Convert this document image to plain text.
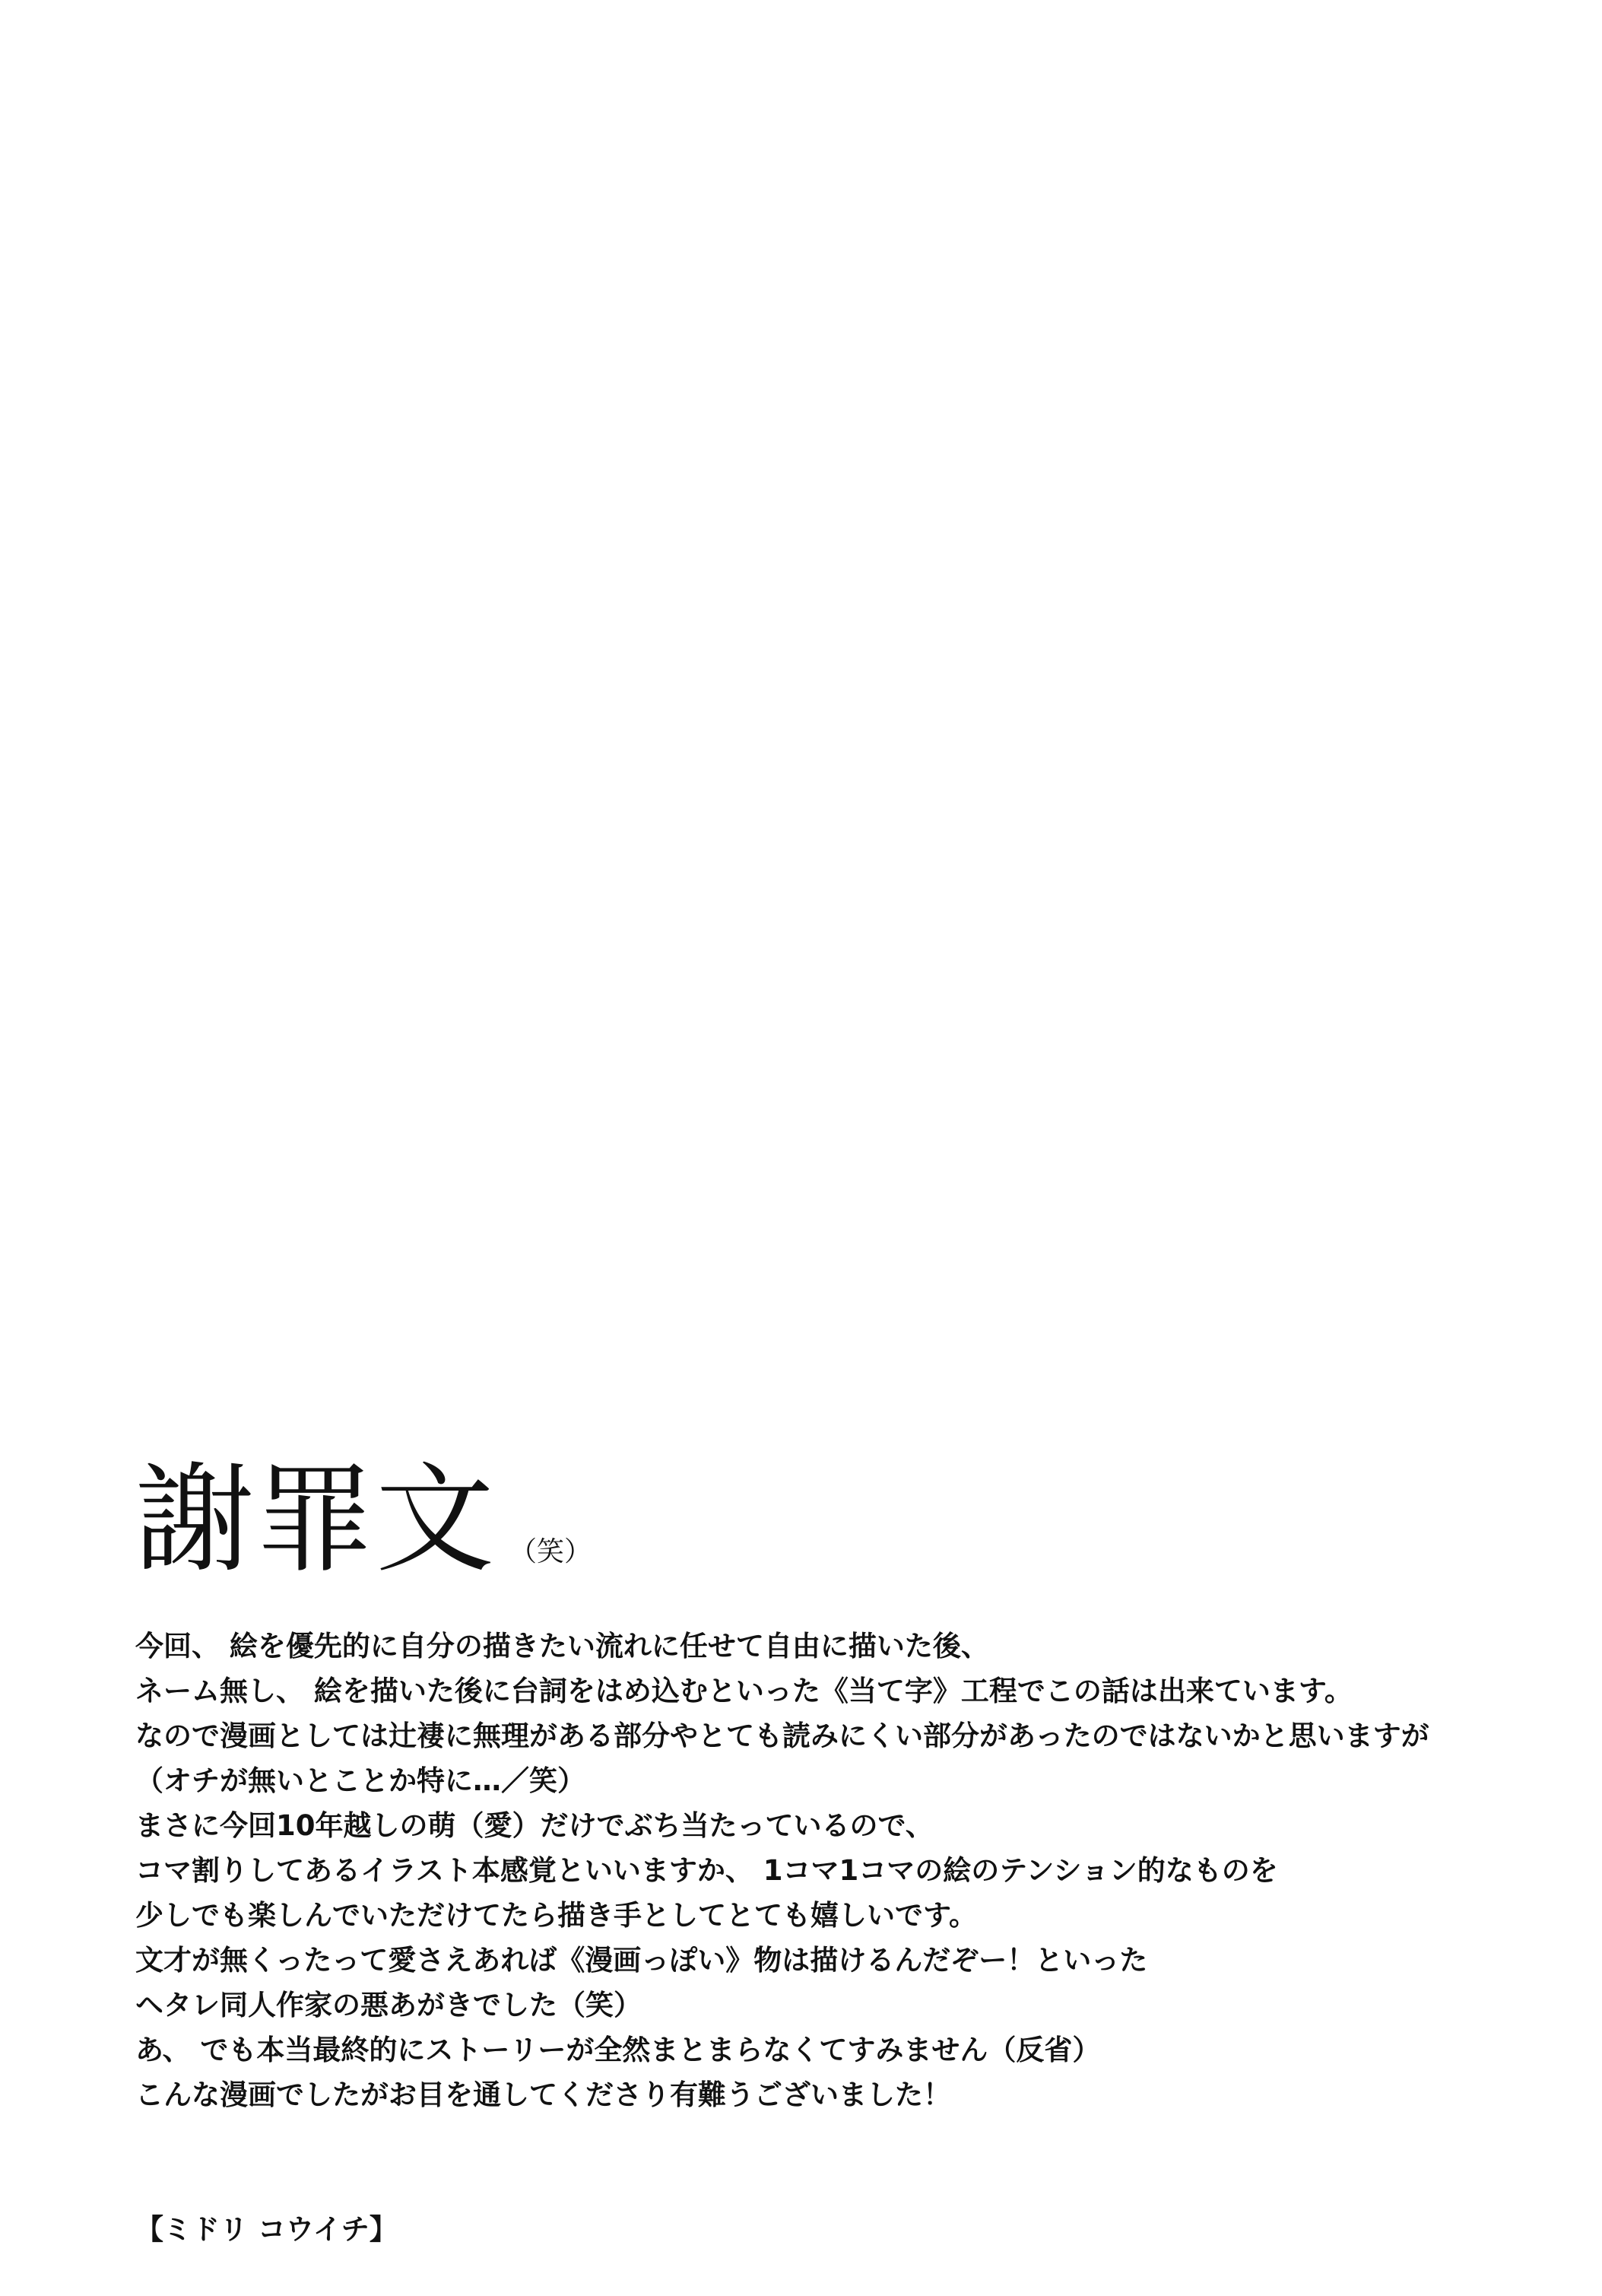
謝罪文 （笑）
今回、 絵を優先的に自分の描きたい流れに任せて自由に描いた後、
ネーム無し、 絵を描いた後に台詞をはめ込むといった《当て字》工程でこの話は出来ています。
なので漫画としては辻褄に無理がある部分やとても読みにくい部分があったのではないかと思いますが
（オチが無いとことか特に…／笑）
まさに今回10年越しの萌（愛）だけでぶち当たっているので、
コマ割りしてあるイラスト本感覚といいますか、 1コマ1コマの絵のテンション的なものを
少しでも楽しんでいただけてたら描き手としてとても嬉しいです。
文才が無くったって愛さえあれば《漫画っぽい》物は描けるんだぞー！といった
ヘタレ同人作家の悪あがきでした（笑）
あ、 でも本当最終的にストーリーが全然まとまらなくてすみません（反省）
こんな漫画でしたがお目を通してくださり有難うございました！
【ミドリ コウイチ】
